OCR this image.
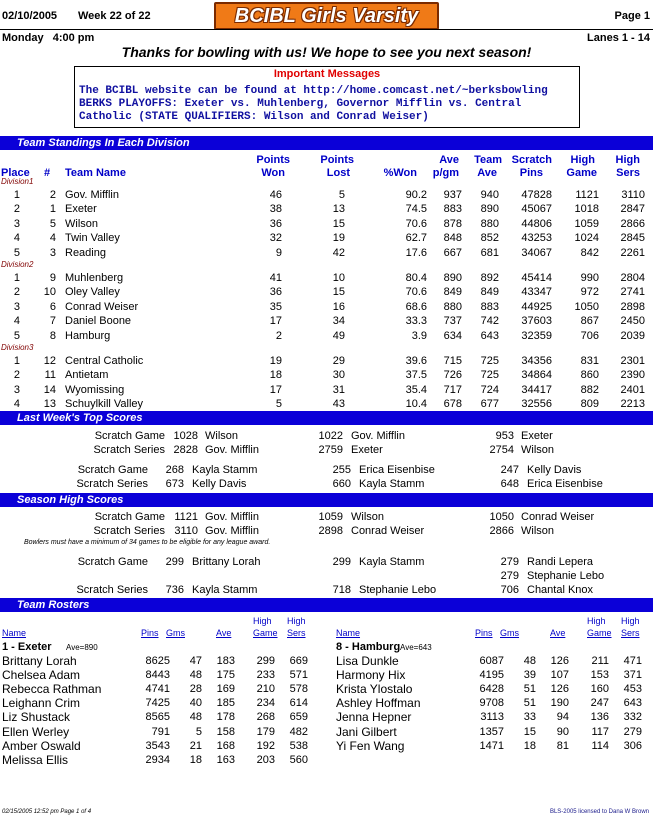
02/10/2005 Week 22 of 22	BCIBL Girls Varsity	Page 1
Monday   4:00 pm	Lanes 1 - 14
Thanks for bowling with us! We hope to see you next season!
Important Messages
The BCIBL website can be found at http://home.comcast.net/~berksbowling
BERKS PLAYOFFS: Exeter vs. Muhlenberg, Governor Mifflin vs. Central
Catholic (STATE QUALIFIERS: Wilson and Conrad Weiser)
Team Standings In Each Division
Points	Points	Ave Team Scratch High High
Place # Team Name	Won	Lost	%Won p/gm Ave Pins Game Sers
Division1
1	2 Gov. Mifflin	46	5	90.2 937 940 47828 1121 3110
2	1 Exeter	38	13	74.5 883 890 45067 1018 2847
3	5 Wilson	36	15	70.6 878 880 44806 1059 2866
4	4 Twin Valley	32	19	62.7 848 852 43253 1024 2845
5	3 Reading	9	42	17.6 667 681 34067	842 2261
Division2
1	9 Muhlenberg	41	10	80.4 890 892 45414	990 2804
2 10 Oley Valley	36	15	70.6 849 849 43347	972 2741
3	6 Conrad Weiser	35	16	68.6 880 883 44925 1050 2898
4	7 Daniel Boone	17	34	33.3 737 742 37603	867 2450
5	8 Hamburg	2	49	3.9 634 643 32359	706 2039
Division3
1 12 Central Catholic	19	29	39.6 715 725 34356	831 2301
2 11 Antietam	18	30	37.5 726 725 34864	860 2390
3 14 Wyomissing	17	31	35.4 717 724 34417	882 2401
4 13 Schuylkill Valley	5	43	10.4 678 677 32556	809 2213
Last Week's Top Scores
Scratch Game 1028 Wilson	1022 Gov. Mifflin	953 Exeter
Scratch Series 2828 Gov. Mifflin	2759 Exeter	2754 Wilson
Scratch Game 268 Kayla Stamm	255 Erica Eisenbise	247 Kelly Davis
Scratch Series 673 Kelly Davis	660 Kayla Stamm	648 Erica Eisenbise
Season High Scores
Scratch Game 1121 Gov. Mifflin	1059 Wilson	1050 Conrad Weiser
Scratch Series 3110 Gov. Mifflin	2898 Conrad Weiser	2866 Wilson
Scratch Game 299 Brittany Lorah	299 Kayla Stamm	279 Randi Lepera
279 Stephanie Lebo
Scratch Series 736 Kayla Stamm	718 Stephanie Lebo	706 Chantal Knox
Bowlers must have a minimum of 34 games to be eligible for any league award.
Team Rosters
High High
Name	Pins Gms	Ave Game Sers
1 - Exeter Ave=890
Brittany Lorah	8625 47 183 299 669
Chelsea Adam	8443 48 175 233 571
Rebecca Rathman	4741 28 169 210 578
Leighann Crim	7425 40 185 234 614
Liz Shustack	8565 48 178 268 659
Ellen Werley	791 5 158 179 482
Amber Oswald	3543 21 168 192 538
Melissa Ellis	2934 18 163 203 560
High High
Name	Pins Gms	Ave Game Sers
8 - Hamburg Ave=643
Lisa Dunkle	6087 48 126 211 471
Harmony Hix	4195 39 107 153 371
Krista Ylostalo	6428 51 126 160 453
Ashley Hoffman	9708 51 190 247 643
Jenna Hepner	3113 33 94 136 332
Jani Gilbert	1357 15 90 117 279
Yi Fen Wang	1471 18 81 114 306
02/15/2005 12:52 pm Page 1 of 4	BLS-2005 licensed to Dana W Brown
